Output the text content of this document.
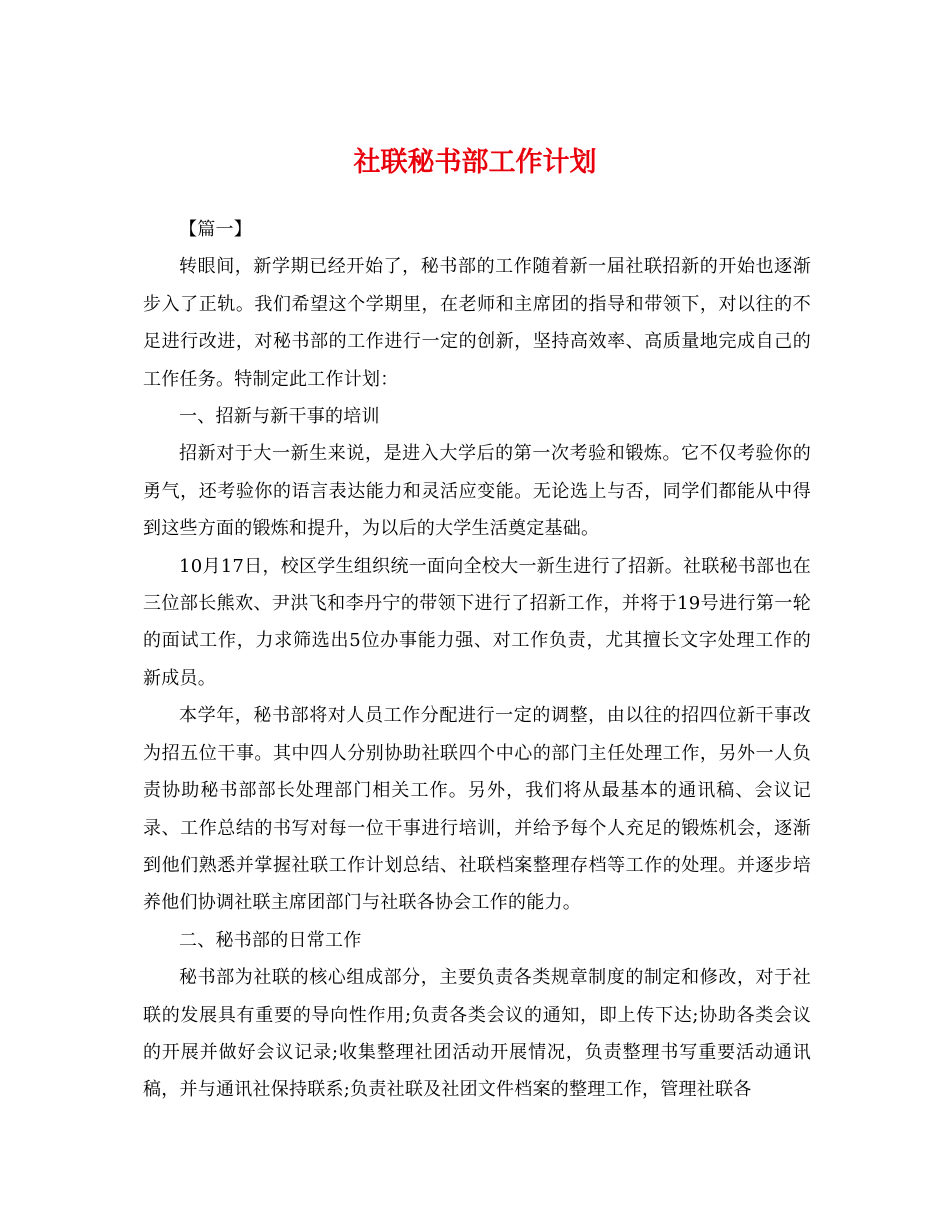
社联秘书部工作计划

【篇一】

转眼间，新学期已经开始了，秘书部的工作随着新一届社联招新的开始也逐渐步入了正轨。我们希望这个学期里，在老师和主席团的指导和带领下，对以往的不足进行改进，对秘书部的工作进行一定的创新，坚持高效率、高质量地完成自己的工作任务。特制定此工作计划：

一、招新与新干事的培训

招新对于大一新生来说，是进入大学后的第一次考验和锻炼。它不仅考验你的勇气，还考验你的语言表达能力和灵活应变能。无论选上与否，同学们都能从中得到这些方面的锻炼和提升，为以后的大学生活奠定基础。

10月17日，校区学生组织统一面向全校大一新生进行了招新。社联秘书部也在三位部长熊欢、尹洪飞和李丹宁的带领下进行了招新工作，并将于19号进行第一轮的面试工作，力求筛选出5位办事能力强、对工作负责，尤其擅长文字处理工作的新成员。

本学年，秘书部将对人员工作分配进行一定的调整，由以往的招四位新干事改为招五位干事。其中四人分别协助社联四个中心的部门主任处理工作，另外一人负责协助秘书部部长处理部门相关工作。另外，我们将从最基本的通讯稿、会议记录、工作总结的书写对每一位干事进行培训，并给予每个人充足的锻炼机会，逐渐到他们熟悉并掌握社联工作计划总结、社联档案整理存档等工作的处理。并逐步培养他们协调社联主席团部门与社联各协会工作的能力。

二、秘书部的日常工作

秘书部为社联的核心组成部分，主要负责各类规章制度的制定和修改，对于社联的发展具有重要的导向性作用;负责各类会议的通知，即上传下达;协助各类会议的开展并做好会议记录;收集整理社团活动开展情况，负责整理书写重要活动通讯稿，并与通讯社保持联系;负责社联及社团文件档案的整理工作，管理社联各
